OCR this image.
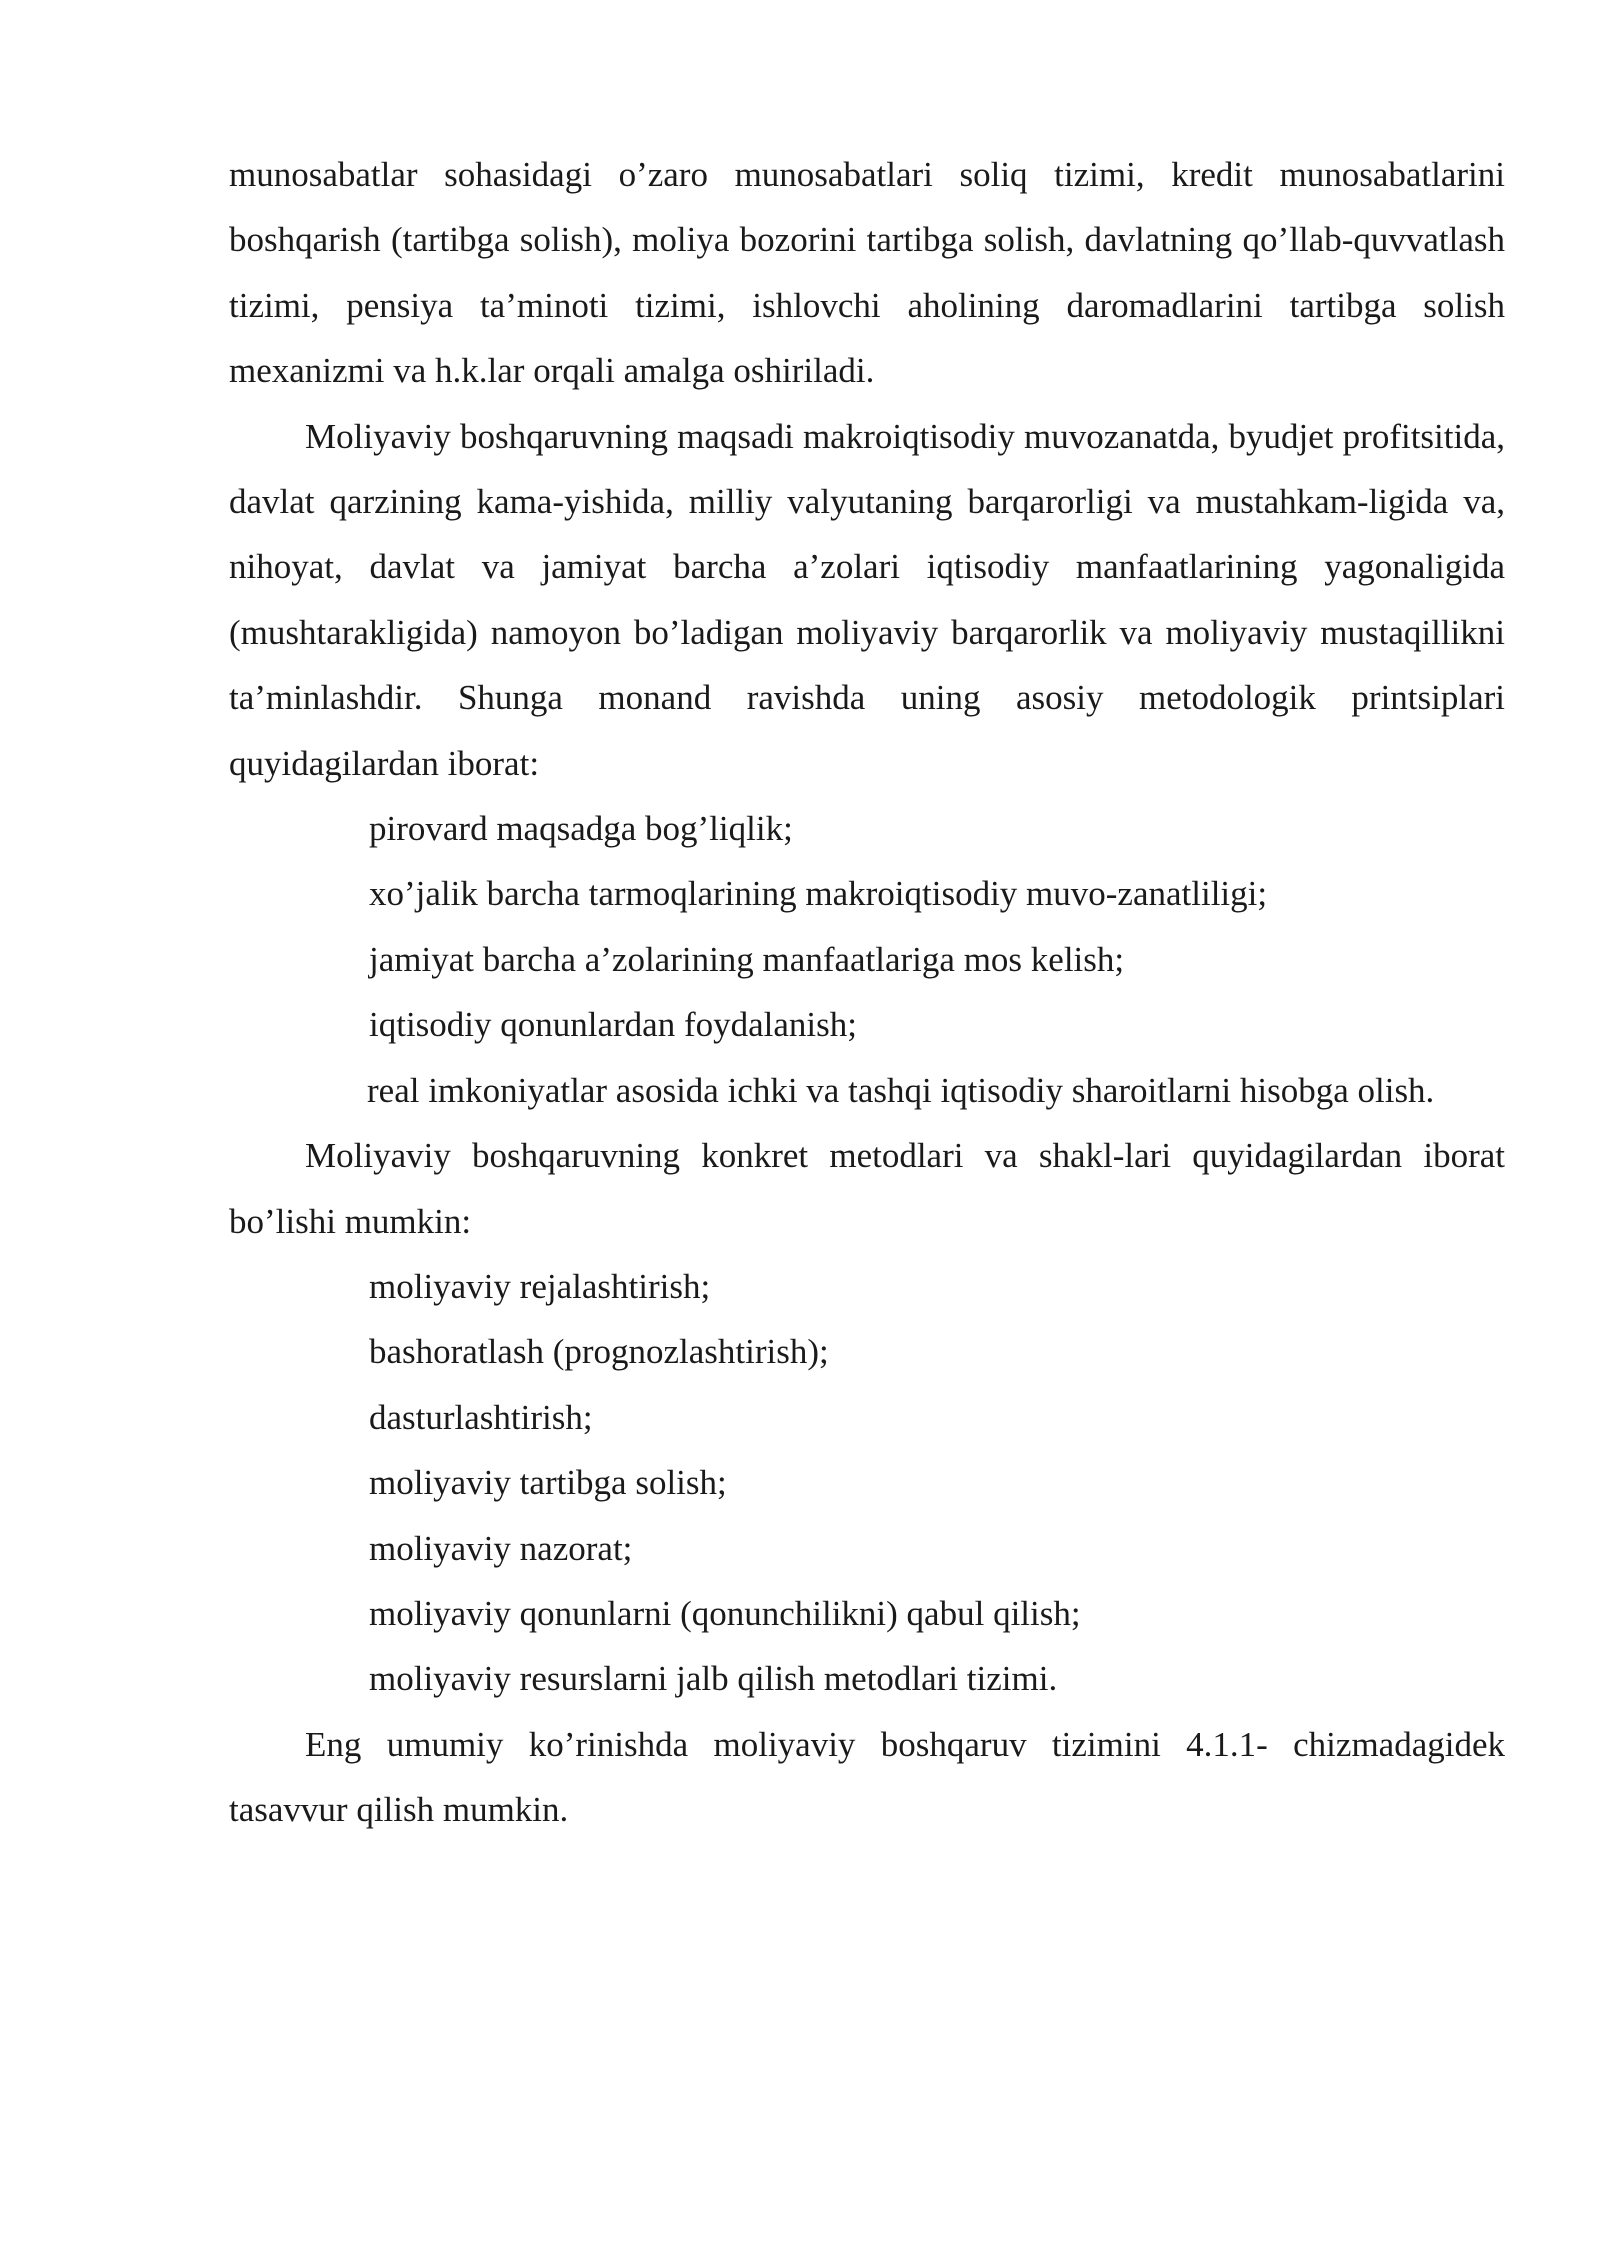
munosabatlar sohasidagi o’zaro munosabatlari soliq tizimi, kredit munosabatlarini boshqarish (tartibga solish), moliya bozorini tartibga solish, davlatning qo’llab-quvvatlash tizimi, pensiya ta’minoti tizimi, ishlovchi aholining daromadlarini tartibga solish mexanizmi va h.k.lar orqali amalga oshiriladi.

Moliyaviy boshqaruvning maqsadi makroiqtisodiy muvozanatda, byudjet profitsitida, davlat qarzining kama-yishida, milliy valyutaning barqarorligi va mustahkam-ligida va, nihoyat, davlat va jamiyat barcha a’zolari iqtisodiy manfaatlarining yagonaligida (mushtarakligida) namoyon bo’ladigan moliyaviy barqarorlik va moliyaviy mustaqillikni ta’minlashdir. Shunga monand ravishda uning asosiy metodologik printsiplari quyidagilardan iborat:

pirovard maqsadga bog’liqlik;

xo’jalik barcha tarmoqlarining makroiqtisodiy muvo-zanatliligi;

jamiyat barcha a’zolarining manfaatlariga mos kelish;

iqtisodiy qonunlardan foydalanish;

real imkoniyatlar asosida ichki va tashqi iqtisodiy sharoitlarni hisobga olish.

Moliyaviy boshqaruvning konkret metodlari va shakl-lari quyidagilardan iborat bo’lishi mumkin:

moliyaviy rejalashtirish;

bashoratlash (prognozlashtirish);

dasturlashtirish;

moliyaviy tartibga solish;

moliyaviy nazorat;

moliyaviy qonunlarni (qonunchilikni) qabul qilish;

moliyaviy resurslarni jalb qilish metodlari tizimi.

Eng umumiy ko’rinishda moliyaviy boshqaruv tizimini 4.1.1- chizmadagidek tasavvur qilish mumkin.
